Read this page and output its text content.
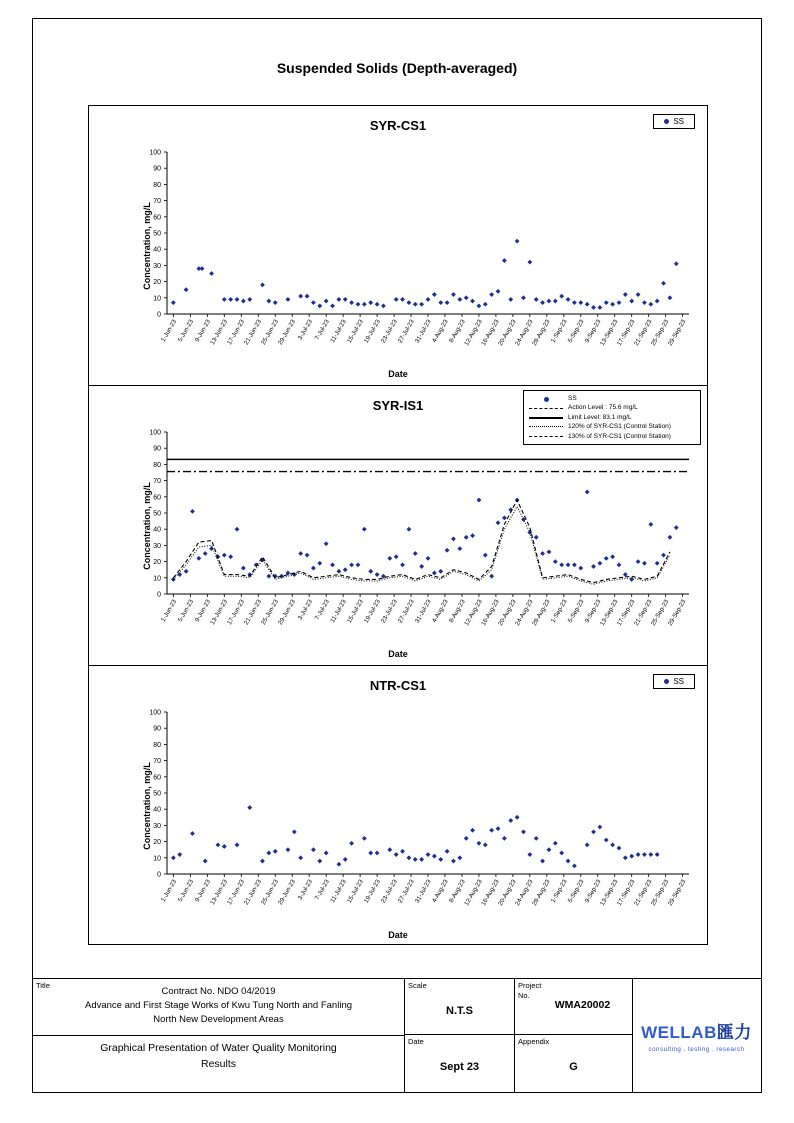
Suspended Solids (Depth-averaged)
SYR-CS1	SS
Concentration, mg/L
Date
0
10
20
30
40
50
60
70
80
90
100
1-Jun-23
5-Jun-23
9-Jun-23
13-Jun-23
17-Jun-23
21-Jun-23
25-Jun-23
29-Jun-23 3-Jul-23 7-Jul-23
11-Jul-23
15-Jul-23
19-Jul-23
23-Jul-23
27-Jul-23
31-Jul-23
4-Aug-23
8-Aug-23
12-Aug-23
16-Aug-23
20-Aug-23
24-Aug-23
28-Aug-23
1-Sep-23
5-Sep-23
9-Sep-23
13-Sep-23
17-Sep-23
21-Sep-23
25-Sep-23
29-Sep-23
SYR-IS1	SS
Action Level : 75.6 mg/L
Limit Level: 83.1 mg/L
120% of SYR-CS1 (Control Station)
130% of SYR-CS1 (Control Station)
Concentration, mg/L
Date
0
10
20
30
40
50
60
70
80
90
100
1-Jun-23
5-Jun-23
9-Jun-23
13-Jun-23
17-Jun-23
21-Jun-23
25-Jun-23
29-Jun-23 3-Jul-23 7-Jul-23
11-Jul-23
15-Jul-23
19-Jul-23
23-Jul-23
27-Jul-23
31-Jul-23
4-Aug-23
8-Aug-23
12-Aug-23
16-Aug-23
20-Aug-23
24-Aug-23
28-Aug-23
1-Sep-23
5-Sep-23
9-Sep-23
13-Sep-23
17-Sep-23
21-Sep-23
25-Sep-23
29-Sep-23
NTR-CS1	SS
Concentration, mg/L
Date
0
10
20
30
40
50
60
70
80
90
100
1-Jun-23
5-Jun-23
9-Jun-23
13-Jun-23
17-Jun-23
21-Jun-23
25-Jun-23
29-Jun-23 3-Jul-23 7-Jul-23
11-Jul-23
15-Jul-23
19-Jul-23
23-Jul-23
27-Jul-23
31-Jul-23
4-Aug-23
8-Aug-23
12-Aug-23
16-Aug-23
20-Aug-23
24-Aug-23
28-Aug-23
1-Sep-23
5-Sep-23
9-Sep-23
13-Sep-23
17-Sep-23
21-Sep-23
25-Sep-23
29-Sep-23
Title
Contract No. NDO 04/2019
Advance and First Stage Works of Kwu Tung North and Fanling
North New Development Areas
Graphical Presentation of Water Quality Monitoring
Results
Scale
N.T.S
Date
Sept 23
Project
No.
WMA20002
Appendix
G
WELLAB匯力
consulting . testing . research
